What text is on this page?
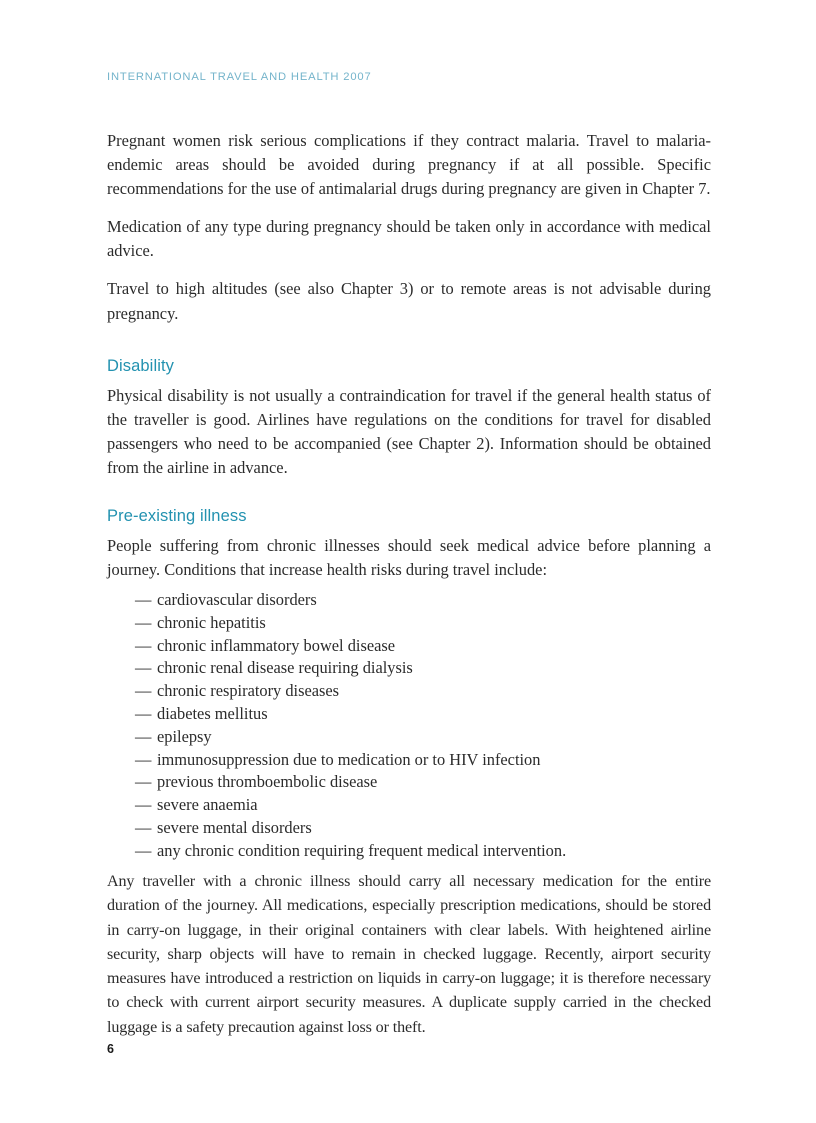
INTERNATIONAL TRAVEL AND HEALTH 2007

Pregnant women risk serious complications if they contract malaria. Travel to malaria-endemic areas should be avoided during pregnancy if at all possible. Specific recommendations for the use of antimalarial drugs during pregnancy are given in Chapter 7.

Medication of any type during pregnancy should be taken only in accordance with medical advice.

Travel to high altitudes (see also Chapter 3) or to remote areas is not advisable during pregnancy.

Disability

Physical disability is not usually a contraindication for travel if the general health status of the traveller is good. Airlines have regulations on the conditions for travel for disabled passengers who need to be accompanied (see Chapter 2). Information should be obtained from the airline in advance.

Pre-existing illness

People suffering from chronic illnesses should seek medical advice before planning a journey. Conditions that increase health risks during travel include:

— cardiovascular disorders
— chronic hepatitis
— chronic inflammatory bowel disease
— chronic renal disease requiring dialysis
— chronic respiratory diseases
— diabetes mellitus
— epilepsy
— immunosuppression due to medication or to HIV infection
— previous thromboembolic disease
— severe anaemia
— severe mental disorders
— any chronic condition requiring frequent medical intervention.

Any traveller with a chronic illness should carry all necessary medication for the entire duration of the journey. All medications, especially prescription medications, should be stored in carry-on luggage, in their original containers with clear labels. With heightened airline security, sharp objects will have to remain in checked luggage. Recently, airport security measures have introduced a restriction on liquids in carry-on luggage; it is therefore necessary to check with current airport security measures. A duplicate supply carried in the checked luggage is a safety precaution against loss or theft.

6
